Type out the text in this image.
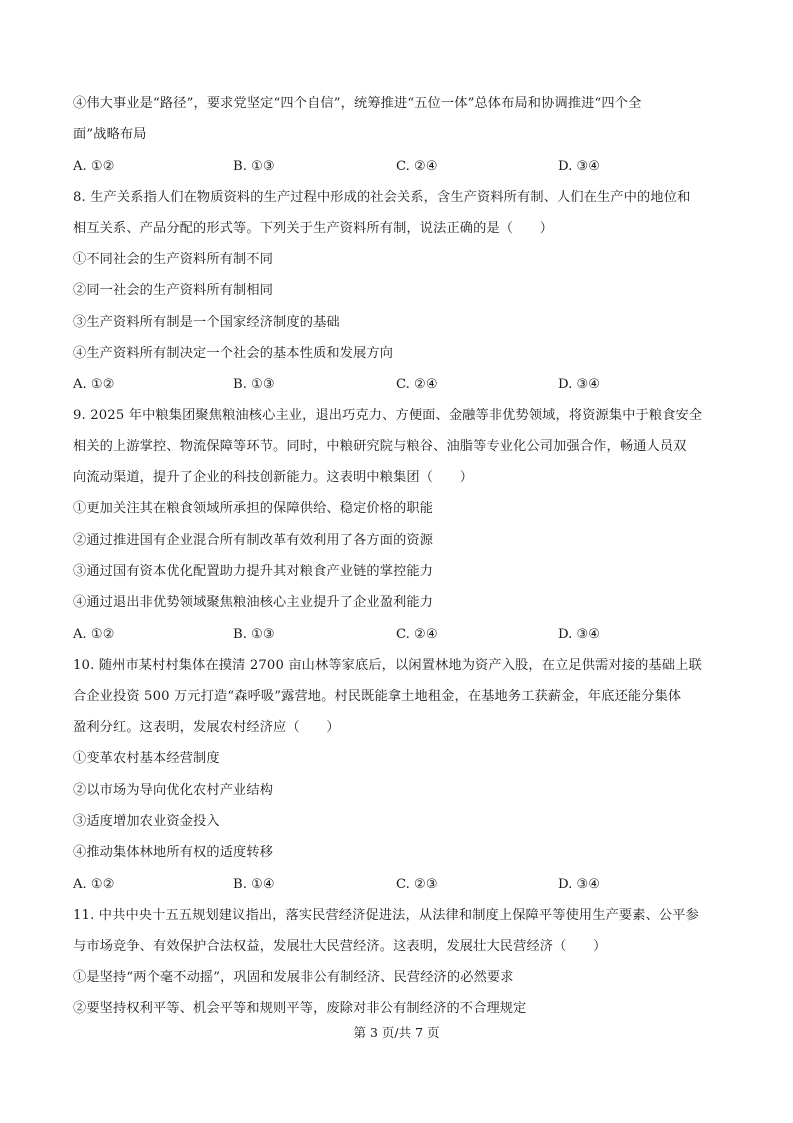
④伟大事业是“路径”，要求党坚定“四个自信”，统筹推进“五位一体”总体布局和协调推进“四个全
面”战略布局
A. ①②	B. ①③	C. ②④	D. ③④
8. 生产关系指人们在物质资料的生产过程中形成的社会关系，含生产资料所有制、人们在生产中的地位和
相互关系、产品分配的形式等。下列关于生产资料所有制，说法正确的是（　　）
①不同社会的生产资料所有制不同
②同一社会的生产资料所有制相同
③生产资料所有制是一个国家经济制度的基础
④生产资料所有制决定一个社会的基本性质和发展方向
A. ①②	B. ①③	C. ②④	D. ③④
9. 2025 年中粮集团聚焦粮油核心主业，退出巧克力、方便面、金融等非优势领域，将资源集中于粮食安全
相关的上游掌控、物流保障等环节。同时，中粮研究院与粮谷、油脂等专业化公司加强合作，畅通人员双
向流动渠道，提升了企业的科技创新能力。这表明中粮集团（　　）
①更加关注其在粮食领域所承担的保障供给、稳定价格的职能
②通过推进国有企业混合所有制改革有效利用了各方面的资源
③通过国有资本优化配置助力提升其对粮食产业链的掌控能力
④通过退出非优势领域聚焦粮油核心主业提升了企业盈利能力
A. ①②	B. ①③	C. ②④	D. ③④
10. 随州市某村村集体在摸清 2700 亩山林等家底后，以闲置林地为资产入股，在立足供需对接的基础上联
合企业投资 500 万元打造“森呼吸”露营地。村民既能拿土地租金，在基地务工获薪金，年底还能分集体
盈利分红。这表明，发展农村经济应（　　）
①变革农村基本经营制度
②以市场为导向优化农村产业结构
③适度增加农业资金投入
④推动集体林地所有权的适度转移
A. ①②	B. ①④	C. ②③	D. ③④
11. 中共中央十五五规划建议指出，落实民营经济促进法，从法律和制度上保障平等使用生产要素、公平参
与市场竞争、有效保护合法权益，发展壮大民营经济。这表明，发展壮大民营经济（　　）
①是坚持“两个毫不动摇”，巩固和发展非公有制经济、民营经济的必然要求
②要坚持权利平等、机会平等和规则平等，废除对非公有制经济的不合理规定
第 3 页/共 7 页
